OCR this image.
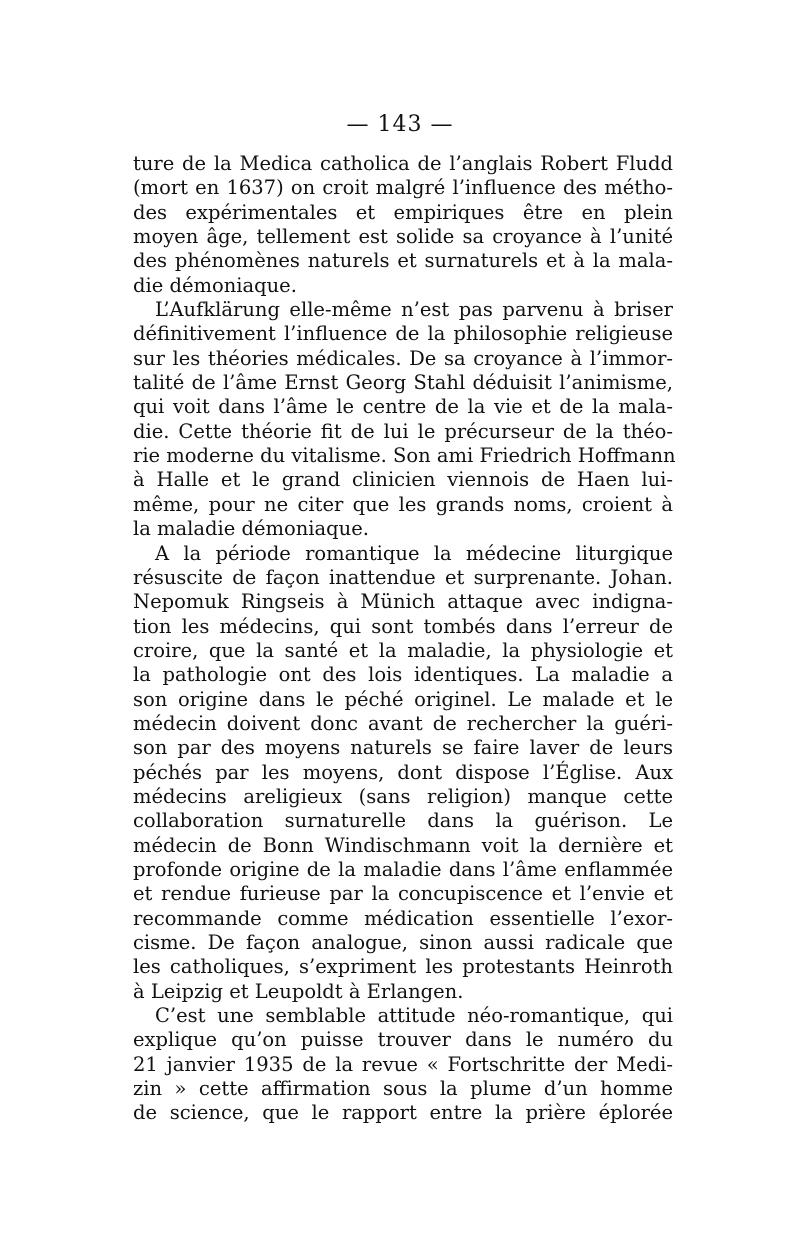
— 143 —
ture de la Medica catholica de l’anglais Robert Fludd
(mort en 1637) on croit malgré l’influence des métho-
des expérimentales et empiriques être en plein
moyen âge, tellement est solide sa croyance à l’unité
des phénomènes naturels et surnaturels et à la mala-
die démoniaque.
L’Aufklärung elle-même n’est pas parvenu à briser
définitivement l’influence de la philosophie religieuse
sur les théories médicales. De sa croyance à l’immor-
talité de l’âme Ernst Georg Stahl déduisit l’animisme,
qui voit dans l’âme le centre de la vie et de la mala-
die. Cette théorie fit de lui le précurseur de la théo-
rie moderne du vitalisme. Son ami Friedrich Hoffmann
à Halle et le grand clinicien viennois de Haen lui-
même, pour ne citer que les grands noms, croient à
la maladie démoniaque.
A la période romantique la médecine liturgique
résuscite de façon inattendue et surprenante. Johan.
Nepomuk Ringseis à Münich attaque avec indigna-
tion les médecins, qui sont tombés dans l’erreur de
croire, que la santé et la maladie, la physiologie et
la pathologie ont des lois identiques. La maladie a
son origine dans le péché originel. Le malade et le
médecin doivent donc avant de rechercher la guéri-
son par des moyens naturels se faire laver de leurs
péchés par les moyens, dont dispose l’Église. Aux
médecins areligieux (sans religion) manque cette
collaboration surnaturelle dans la guérison. Le
médecin de Bonn Windischmann voit la dernière et
profonde origine de la maladie dans l’âme enflammée
et rendue furieuse par la concupiscence et l’envie et
recommande comme médication essentielle l’exor-
cisme. De façon analogue, sinon aussi radicale que
les catholiques, s’expriment les protestants Heinroth
à Leipzig et Leupoldt à Erlangen.
C’est une semblable attitude néo-romantique, qui
explique qu’on puisse trouver dans le numéro du
21 janvier 1935 de la revue « Fortschritte der Medi-
zin » cette affirmation sous la plume d’un homme
de science, que le rapport entre la prière éplorée
